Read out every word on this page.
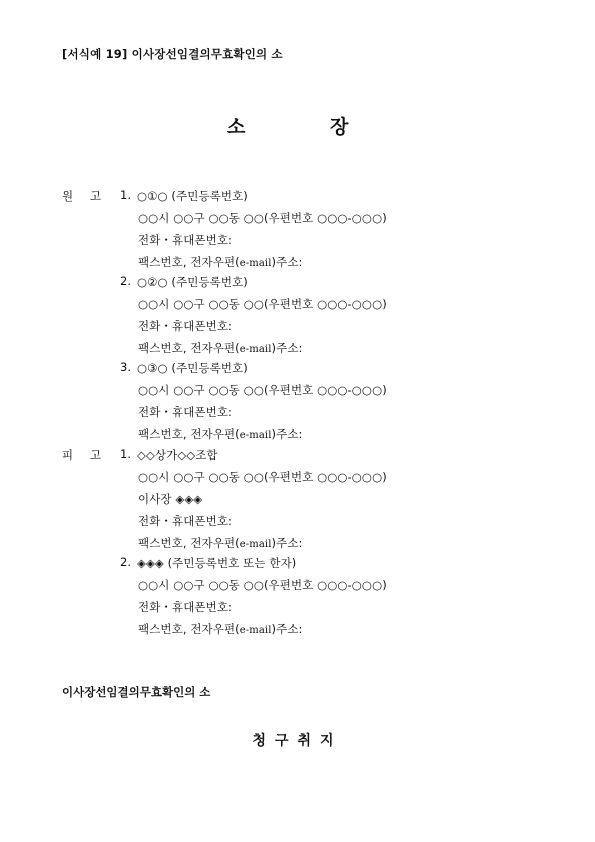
[서식예 19] 이사장선임결의무효확인의 소
소	장
원 고 1. ○①○ (주민등록번호)
○○시 ○○구 ○○동 ○○(우편번호 ○○○-○○○)
전화・휴대폰번호:
팩스번호, 전자우편(e-mail)주소:
2. ○②○ (주민등록번호)
○○시 ○○구 ○○동 ○○(우편번호 ○○○-○○○)
전화・휴대폰번호:
팩스번호, 전자우편(e-mail)주소:
3. ○③○ (주민등록번호)
○○시 ○○구 ○○동 ○○(우편번호 ○○○-○○○)
전화・휴대폰번호:
팩스번호, 전자우편(e-mail)주소:
피 고 1. ◇◇상가◇◇조합
○○시 ○○구 ○○동 ○○(우편번호 ○○○-○○○)
이사장 ◈◈◈
전화・휴대폰번호:
팩스번호, 전자우편(e-mail)주소:
2. ◈◈◈ (주민등록번호 또는 한자)
○○시 ○○구 ○○동 ○○(우편번호 ○○○-○○○)
전화・휴대폰번호:
팩스번호, 전자우편(e-mail)주소:
이사장선임결의무효확인의 소
청구취지
